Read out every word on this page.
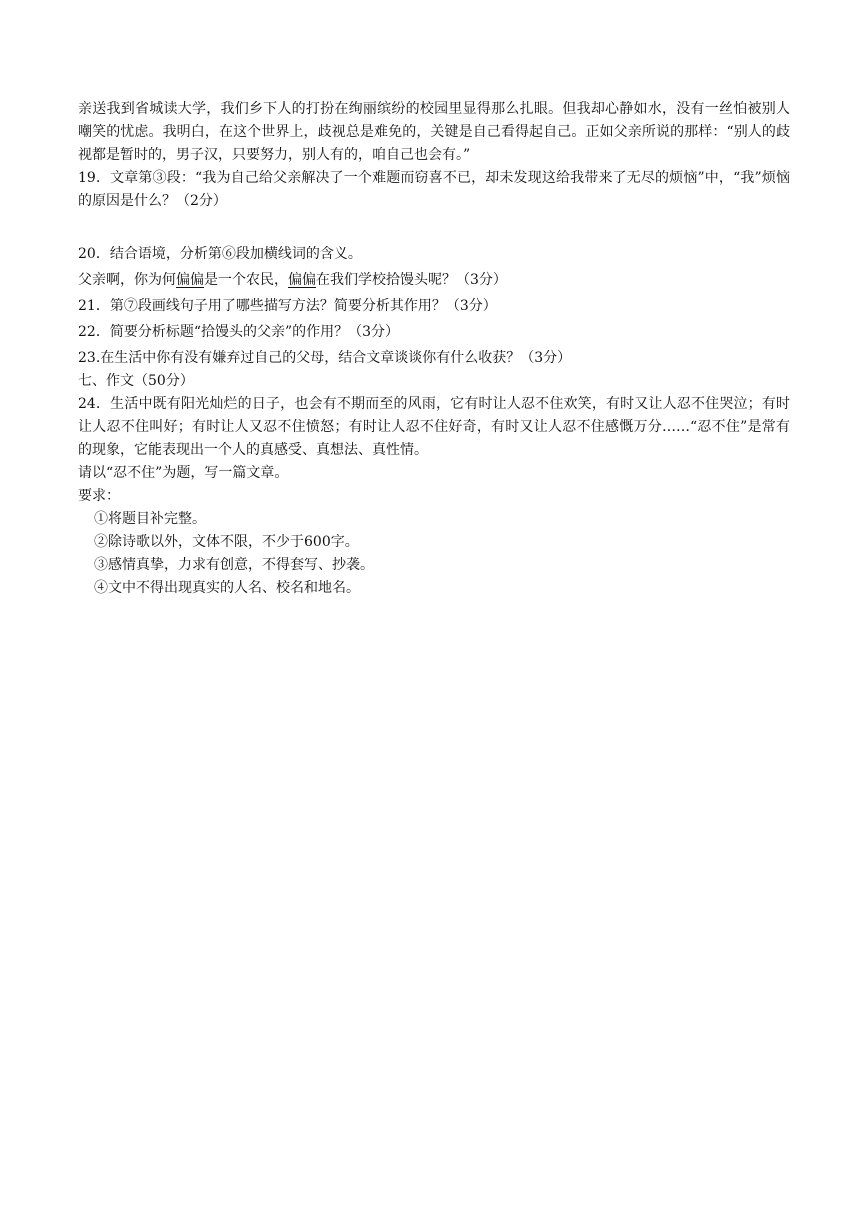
亲送我到省城读大学，我们乡下人的打扮在绚丽缤纷的校园里显得那么扎眼。但我却心静如水，没有一丝怕被别人嘲笑的忧虑。我明白，在这个世界上，歧视总是难免的，关键是自己看得起自己。正如父亲所说的那样：“别人的歧视都是暂时的，男子汉，只要努力，别人有的，咱自己也会有。”

19．文章第③段：“我为自己给父亲解决了一个难题而窃喜不已，却未发现这给我带来了无尽的烦恼”中，“我”烦恼的原因是什么？（2分）

20．结合语境，分析第⑥段加横线词的含义。

父亲啊，你为何偏偏是一个农民，偏偏在我们学校拾馒头呢？（3分）

21．第⑦段画线句子用了哪些描写方法？简要分析其作用？（3分）

22．简要分析标题“拾馒头的父亲”的作用？（3分）

23.在生活中你有没有嫌弃过自己的父母，结合文章谈谈你有什么收获？（3分）

七、作文（50分）

24．生活中既有阳光灿烂的日子，也会有不期而至的风雨，它有时让人忍不住欢笑，有时又让人忍不住哭泣；有时让人忍不住叫好；有时让人又忍不住愤怒；有时让人忍不住好奇，有时又让人忍不住感慨万分……“忍不住”是常有的现象，它能表现出一个人的真感受、真想法、真性情。

请以“忍不住”为题，写一篇文章。

要求：

①将题目补完整。

②除诗歌以外，文体不限，不少于600字。

③感情真挚，力求有创意，不得套写、抄袭。

④文中不得出现真实的人名、校名和地名。
